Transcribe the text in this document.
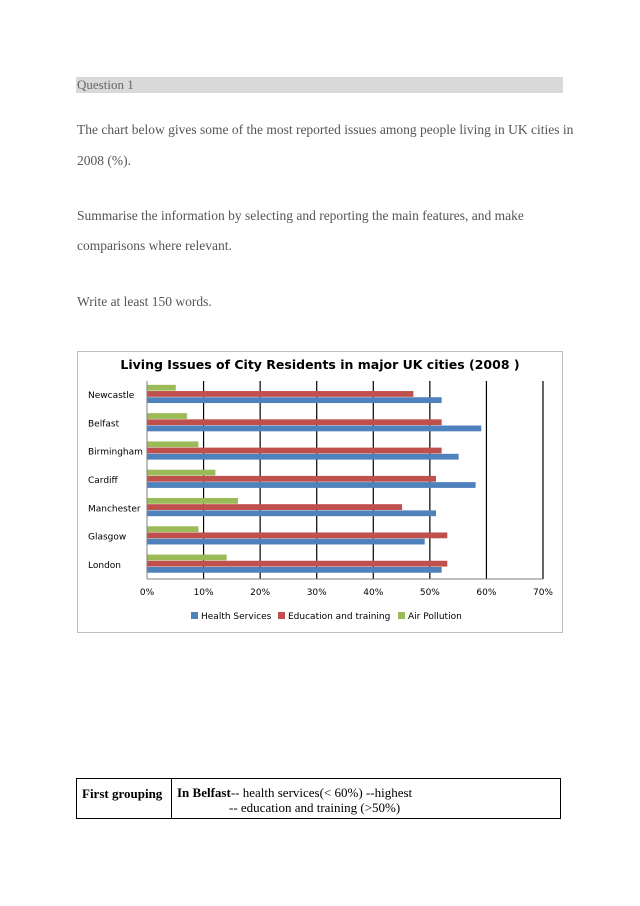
Question 1
The chart below gives some of the most reported issues among people living in UK cities in
2008 (%).
Summarise the information by selecting and reporting the main features, and make
comparisons where relevant.
Write at least 150 words.
Living Issues of City Residents in major UK cities (2008 )
0%	10%	20%	30%	40%	50%	60%	70%
Newcastle
Belfast
Birmingham
Cardiff
Manchester
Glasgow
London
Health Services Education and training Air Pollution
First grouping	In Belfast-- health services(< 60%) --highest
-- education and training (>50%)
